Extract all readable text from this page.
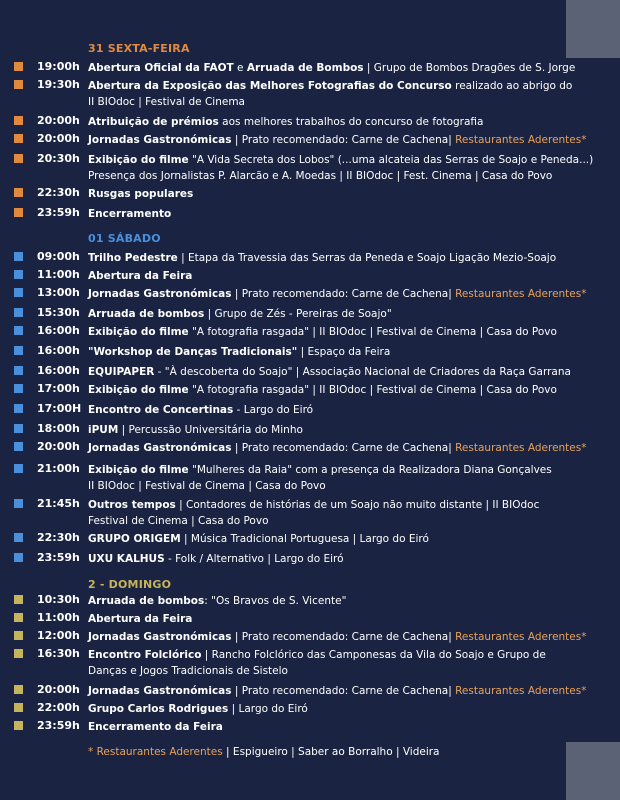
31 SEXTA-FEIRA
19:00h Abertura Oficial da FAOT e Arruada de Bombos | Grupo de Bombos Dragões de S. Jorge
19:30h Abertura da Exposição das Melhores Fotografias do Concurso realizado ao abrigo do
II BIOdoc | Festival de Cinema
20:00h Atribuição de prémios aos melhores trabalhos do concurso de fotografia
20:00h Jornadas Gastronómicas | Prato recomendado: Carne de Cachena| Restaurantes Aderentes*
20:30h Exibição do filme "A Vida Secreta dos Lobos" (...uma alcateia das Serras de Soajo e Peneda...)
Presença dos Jornalistas P. Alarcão e A. Moedas | II BIOdoc | Fest. Cinema | Casa do Povo
22:30h Rusgas populares
23:59h Encerramento
01 SÁBADO
09:00h Trilho Pedestre | Etapa da Travessia das Serras da Peneda e Soajo Ligação Mezio-Soajo
11:00h Abertura da Feira
13:00h Jornadas Gastronómicas | Prato recomendado: Carne de Cachena| Restaurantes Aderentes*
15:30h Arruada de bombos | Grupo de Zés - Pereiras de Soajo"
16:00h Exibição do filme "A fotografia rasgada" | II BIOdoc | Festival de Cinema | Casa do Povo
16:00h "Workshop de Danças Tradicionais" | Espaço da Feira
16:00h EQUIPAPER - "À descoberta do Soajo" | Associação Nacional de Criadores da Raça Garrana
17:00h Exibição do filme "A fotografia rasgada" | II BIOdoc | Festival de Cinema | Casa do Povo
17:00H Encontro de Concertinas - Largo do Eiró
18:00h iPUM | Percussão Universitária do Minho
20:00h Jornadas Gastronómicas | Prato recomendado: Carne de Cachena| Restaurantes Aderentes*
21:00h Exibição do filme "Mulheres da Raia" com a presença da Realizadora Diana Gonçalves
II BIOdoc | Festival de Cinema | Casa do Povo
21:45h Outros tempos | Contadores de histórias de um Soajo não muito distante | II BIOdoc
Festival de Cinema | Casa do Povo
22:30h GRUPO ORIGEM | Música Tradicional Portuguesa | Largo do Eiró
23:59h UXU KALHUS - Folk / Alternativo | Largo do Eiró
2 - DOMINGO
10:30h Arruada de bombos: "Os Bravos de S. Vicente"
11:00h Abertura da Feira
12:00h Jornadas Gastronómicas | Prato recomendado: Carne de Cachena| Restaurantes Aderentes*
16:30h Encontro Folclórico | Rancho Folclórico das Camponesas da Vila do Soajo e Grupo de
Danças e Jogos Tradicionais de Sistelo
20:00h Jornadas Gastronómicas | Prato recomendado: Carne de Cachena| Restaurantes Aderentes*
22:00h Grupo Carlos Rodrigues | Largo do Eiró
23:59h Encerramento da Feira
* Restaurantes Aderentes | Espigueiro | Saber ao Borralho | Videira
